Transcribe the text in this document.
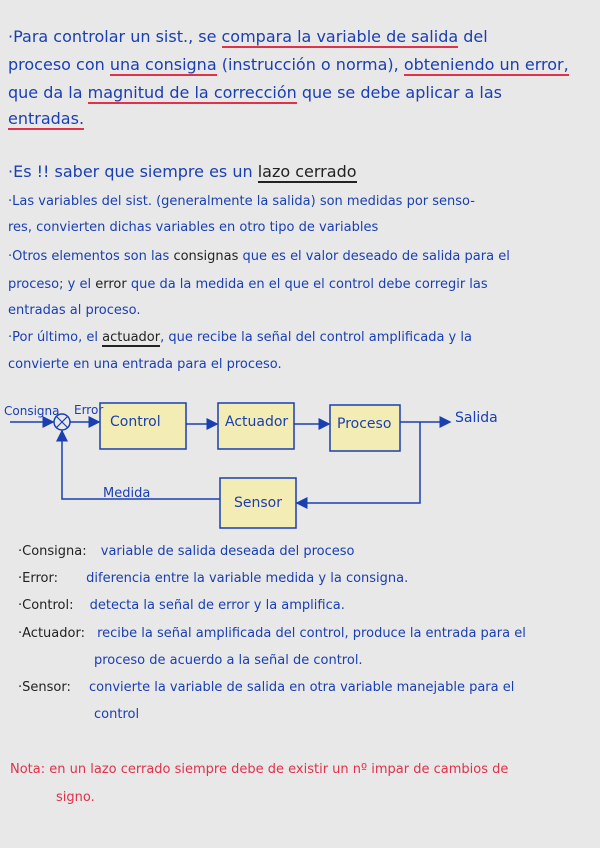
·Para controlar un sist., se compara la variable de salida del
proceso con una consigna (instrucción o norma), obteniendo un error,
que da la magnitud de la corrección que se debe aplicar a las
entradas.
·Es !! saber que siempre es un lazo cerrado
·Las variables del sist. (generalmente la salida) son medidas por senso-
res, convierten dichas variables en otro tipo de variables
·Otros elementos son las consignas que es el valor deseado de salida para el
proceso; y el error que da la medida en el que el control debe corregir las
entradas al proceso.
·Por último, el actuador, que recibe la señal del control amplificada y la
convierte en una entrada para el proceso.
Consigna Error
Control	Actuador	Proceso	Salida
Medida
Sensor
·Consigna: variable de salida deseada del proceso
·Error: diferencia entre la variable medida y la consigna.
·Control: detecta la señal de error y la amplifica.
·Actuador: recibe la señal amplificada del control, produce la entrada para el
proceso de acuerdo a la señal de control.
·Sensor: convierte la variable de salida en otra variable manejable para el
control
Nota: en un lazo cerrado siempre debe de existir un nº impar de cambios de
signo.
